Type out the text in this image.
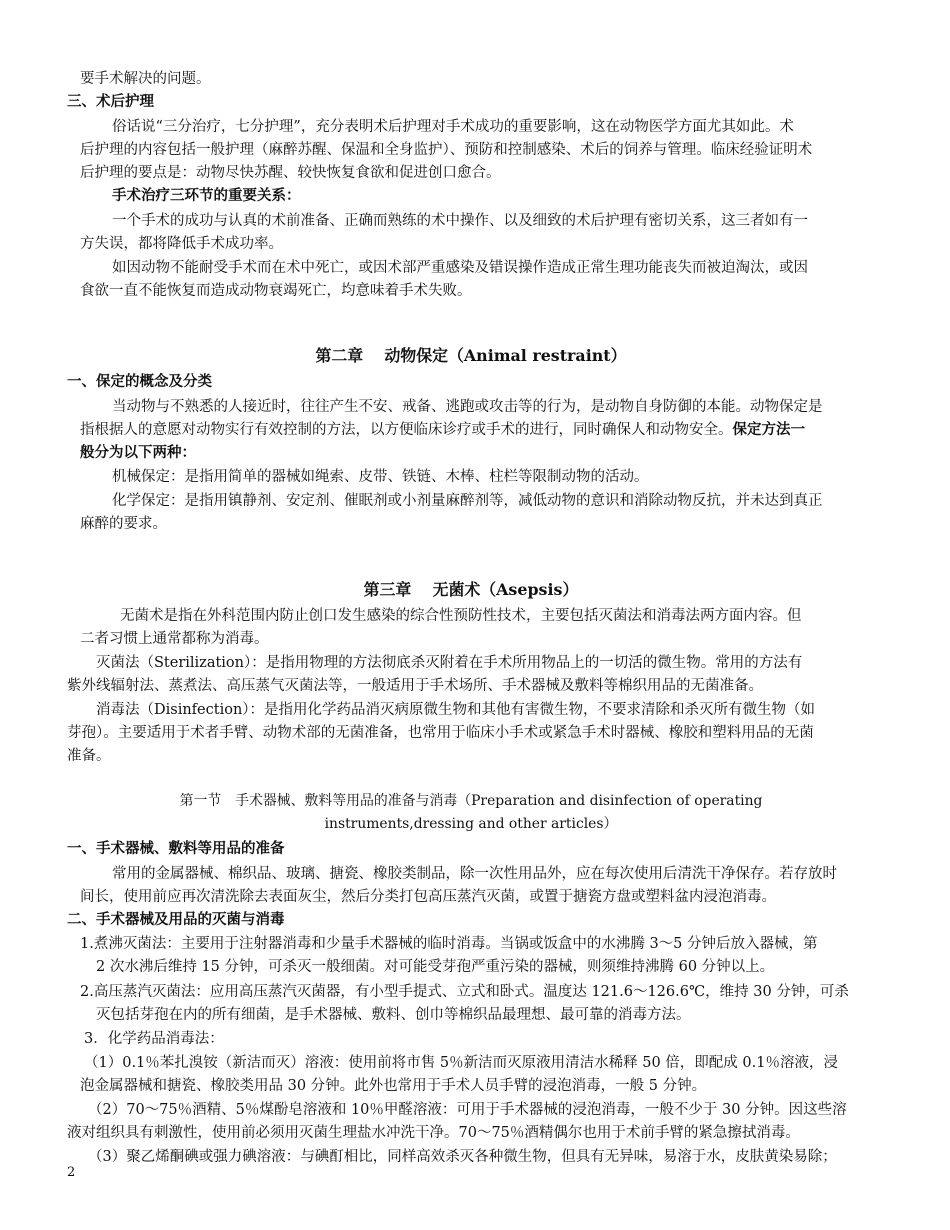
要手术解决的问题。
三、术后护理
俗话说“三分治疗，七分护理”，充分表明术后护理对手术成功的重要影响，这在动物医学方面尤其如此。术
后护理的内容包括一般护理（麻醉苏醒、保温和全身监护）、预防和控制感染、术后的饲养与管理。临床经验证明术
后护理的要点是：动物尽快苏醒、较快恢复食欲和促进创口愈合。
手术治疗三环节的重要关系：
一个手术的成功与认真的术前准备、正确而熟练的术中操作、以及细致的术后护理有密切关系，这三者如有一
方失误，都将降低手术成功率。
如因动物不能耐受手术而在术中死亡，或因术部严重感染及错误操作造成正常生理功能丧失而被迫淘汰，或因
食欲一直不能恢复而造成动物衰竭死亡，均意味着手术失败。
第二章　 动物保定（Animal restraint）
一、保定的概念及分类
当动物与不熟悉的人接近时，往往产生不安、戒备、逃跑或攻击等的行为，是动物自身防御的本能。动物保定是
指根据人的意愿对动物实行有效控制的方法，以方便临床诊疗或手术的进行，同时确保人和动物安全。保定方法一
般分为以下两种：
机械保定：是指用简单的器械如绳索、皮带、铁链、木棒、柱栏等限制动物的活动。
化学保定：是指用镇静剂、安定剂、催眠剂或小剂量麻醉剂等，减低动物的意识和消除动物反抗，并未达到真正
麻醉的要求。
第三章　 无菌术（Asepsis）
无菌术是指在外科范围内防止创口发生感染的综合性预防性技术，主要包括灭菌法和消毒法两方面内容。但
二者习惯上通常都称为消毒。
灭菌法（Sterilization）：是指用物理的方法彻底杀灭附着在手术所用物品上的一切活的微生物。常用的方法有
紫外线辐射法、蒸煮法、高压蒸气灭菌法等，一般适用于手术场所、手术器械及敷料等棉织用品的无菌准备。
消毒法（Disinfection）：是指用化学药品消灭病原微生物和其他有害微生物，不要求清除和杀灭所有微生物（如
芽孢）。主要适用于术者手臂、动物术部的无菌准备，也常用于临床小手术或紧急手术时器械、橡胶和塑料用品的无菌
准备。
第一节　手术器械、敷料等用品的准备与消毒（Preparation and disinfection of operating
instruments,dressing and other articles）
一、手术器械、敷料等用品的准备
常用的金属器械、棉织品、玻璃、搪瓷、橡胶类制品，除一次性用品外，应在每次使用后清洗干净保存。若存放时
间长，使用前应再次清洗除去表面灰尘，然后分类打包高压蒸汽灭菌，或置于搪瓷方盘或塑料盆内浸泡消毒。
二、手术器械及用品的灭菌与消毒
1.煮沸灭菌法：主要用于注射器消毒和少量手术器械的临时消毒。当锅或饭盒中的水沸腾 3～5 分钟后放入器械，第
2 次水沸后维持 15 分钟，可杀灭一般细菌。对可能受芽孢严重污染的器械，则须维持沸腾 60 分钟以上。
2.高压蒸汽灭菌法：应用高压蒸汽灭菌器，有小型手提式、立式和卧式。温度达 121.6～126.6℃，维持 30 分钟，可杀
灭包括芽孢在内的所有细菌，是手术器械、敷料、创巾等棉织品最理想、最可靠的消毒方法。
3．化学药品消毒法：
（1）0.1％苯扎溴铵（新洁而灭）溶液：使用前将市售 5％新洁而灭原液用清洁水稀释 50 倍，即配成 0.1％溶液，浸
泡金属器械和搪瓷、橡胶类用品 30 分钟。此外也常用于手术人员手臂的浸泡消毒，一般 5 分钟。
（2）70～75％酒精、5％煤酚皂溶液和 10％甲醛溶液：可用于手术器械的浸泡消毒，一般不少于 30 分钟。因这些溶
液对组织具有刺激性，使用前必须用灭菌生理盐水冲洗干净。70～75％酒精偶尔也用于术前手臂的紧急擦拭消毒。
（3）聚乙烯酮碘或强力碘溶液：与碘酊相比，同样高效杀灭各种微生物，但具有无异味，易溶于水，皮肤黄染易除；
2
